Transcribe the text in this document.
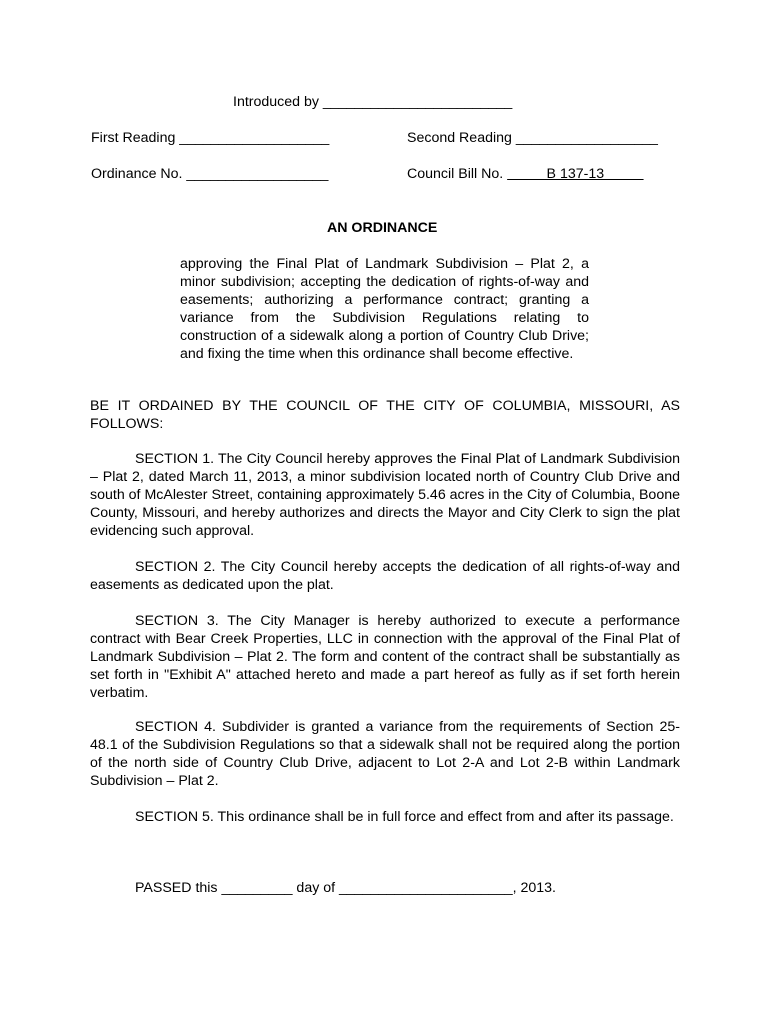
Introduced by ________________________
First Reading ___________________	Second Reading __________________
Ordinance No. __________________	Council Bill No.           B 137-13
AN ORDINANCE
approving the Final Plat of Landmark Subdivision – Plat 2, a minor subdivision; accepting the dedication of rights-of-way and easements; authorizing a performance contract; granting a variance from the Subdivision Regulations relating to construction of a sidewalk along a portion of Country Club Drive; and fixing the time when this ordinance shall become effective.
BE IT ORDAINED BY THE COUNCIL OF THE CITY OF COLUMBIA, MISSOURI, AS FOLLOWS:
SECTION 1. The City Council hereby approves the Final Plat of Landmark Subdivision – Plat 2, dated March 11, 2013, a minor subdivision located north of Country Club Drive and south of McAlester Street, containing approximately 5.46 acres in the City of Columbia, Boone County, Missouri, and hereby authorizes and directs the Mayor and City Clerk to sign the plat evidencing such approval.
SECTION 2. The City Council hereby accepts the dedication of all rights-of-way and easements as dedicated upon the plat.
SECTION 3. The City Manager is hereby authorized to execute a performance contract with Bear Creek Properties, LLC in connection with the approval of the Final Plat of Landmark Subdivision – Plat 2. The form and content of the contract shall be substantially as set forth in "Exhibit A" attached hereto and made a part hereof as fully as if set forth herein verbatim.
SECTION 4. Subdivider is granted a variance from the requirements of Section 25-48.1 of the Subdivision Regulations so that a sidewalk shall not be required along the portion of the north side of Country Club Drive, adjacent to Lot 2-A and Lot 2-B within Landmark Subdivision – Plat 2.
SECTION 5. This ordinance shall be in full force and effect from and after its passage.
PASSED this _________ day of ______________________, 2013.
